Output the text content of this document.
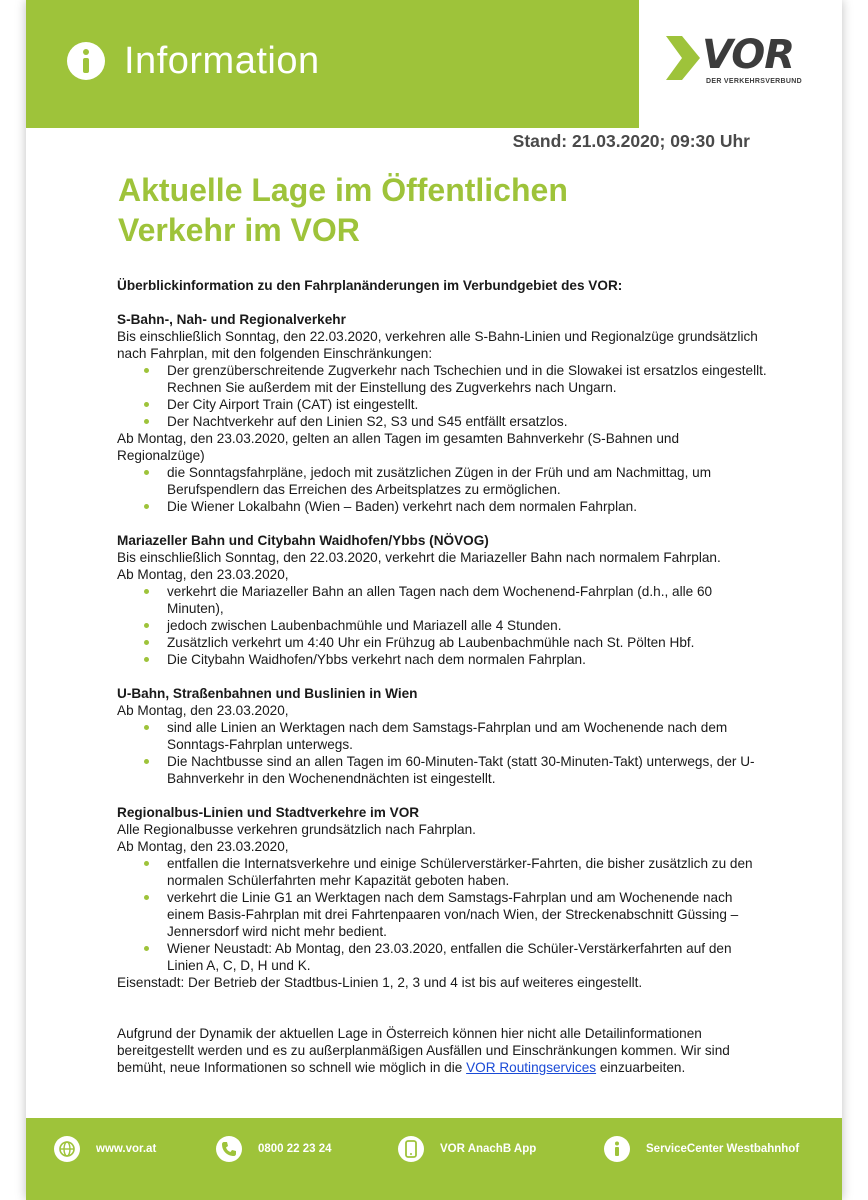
Information	VOR
DER VERKEHRSVERBUND
Stand: 21.03.2020; 09:30 Uhr
Aktuelle Lage im Öffentlichen
Verkehr im VOR

Überblickinformation zu den Fahrplanänderungen im Verbundgebiet des VOR:

S-Bahn-, Nah- und Regionalverkehr

Bis einschließlich Sonntag, den 22.03.2020, verkehren alle S-Bahn-Linien und Regionalzüge grundsätzlich nach Fahrplan, mit den folgenden Einschränkungen:

Der grenzüberschreitende Zugverkehr nach Tschechien und in die Slowakei ist ersatzlos eingestellt. Rechnen Sie außerdem mit der Einstellung des Zugverkehrs nach Ungarn.
Der City Airport Train (CAT) ist eingestellt.
Der Nachtverkehr auf den Linien S2, S3 und S45 entfällt ersatzlos.

Ab Montag, den 23.03.2020, gelten an allen Tagen im gesamten Bahnverkehr (S-Bahnen und Regionalzüge)

die Sonntagsfahrpläne, jedoch mit zusätzlichen Zügen in der Früh und am Nachmittag, um Berufspendlern das Erreichen des Arbeitsplatzes zu ermöglichen.
Die Wiener Lokalbahn (Wien – Baden) verkehrt nach dem normalen Fahrplan.

Mariazeller Bahn und Citybahn Waidhofen/Ybbs (NÖVOG)

Bis einschließlich Sonntag, den 22.03.2020, verkehrt die Mariazeller Bahn nach normalem Fahrplan.

Ab Montag, den 23.03.2020,

verkehrt die Mariazeller Bahn an allen Tagen nach dem Wochenend-Fahrplan (d.h., alle 60 Minuten),
jedoch zwischen Laubenbachmühle und Mariazell alle 4 Stunden.
Zusätzlich verkehrt um 4:40 Uhr ein Frühzug ab Laubenbachmühle nach St. Pölten Hbf.
Die Citybahn Waidhofen/Ybbs verkehrt nach dem normalen Fahrplan.

U-Bahn, Straßenbahnen und Buslinien in Wien

Ab Montag, den 23.03.2020,

sind alle Linien an Werktagen nach dem Samstags-Fahrplan und am Wochenende nach dem Sonntags-Fahrplan unterwegs.
Die Nachtbusse sind an allen Tagen im 60-Minuten-Takt (statt 30-Minuten-Takt) unterwegs, der U-Bahnverkehr in den Wochenendnächten ist eingestellt.

Regionalbus-Linien und Stadtverkehre im VOR

Alle Regionalbusse verkehren grundsätzlich nach Fahrplan.

Ab Montag, den 23.03.2020,

entfallen die Internatsverkehre und einige Schülerverstärker-Fahrten, die bisher zusätzlich zu den normalen Schülerfahrten mehr Kapazität geboten haben.
verkehrt die Linie G1 an Werktagen nach dem Samstags-Fahrplan und am Wochenende nach einem Basis-Fahrplan mit drei Fahrtenpaaren von/nach Wien, der Streckenabschnitt Güssing – Jennersdorf wird nicht mehr bedient.
Wiener Neustadt: Ab Montag, den 23.03.2020, entfallen die Schüler-Verstärkerfahrten auf den Linien A, C, D, H und K.

Eisenstadt: Der Betrieb der Stadtbus-Linien 1, 2, 3 und 4 ist bis auf weiteres eingestellt.

Aufgrund der Dynamik der aktuellen Lage in Österreich können hier nicht alle Detailinformationen bereitgestellt werden und es zu außerplanmäßigen Ausfällen und Einschränkungen kommen. Wir sind bemüht, neue Informationen so schnell wie möglich in die VOR Routingservices einzuarbeiten.

www.vor.at	0800 22 23 24	VOR AnachB App	ServiceCenter Westbahnhof
